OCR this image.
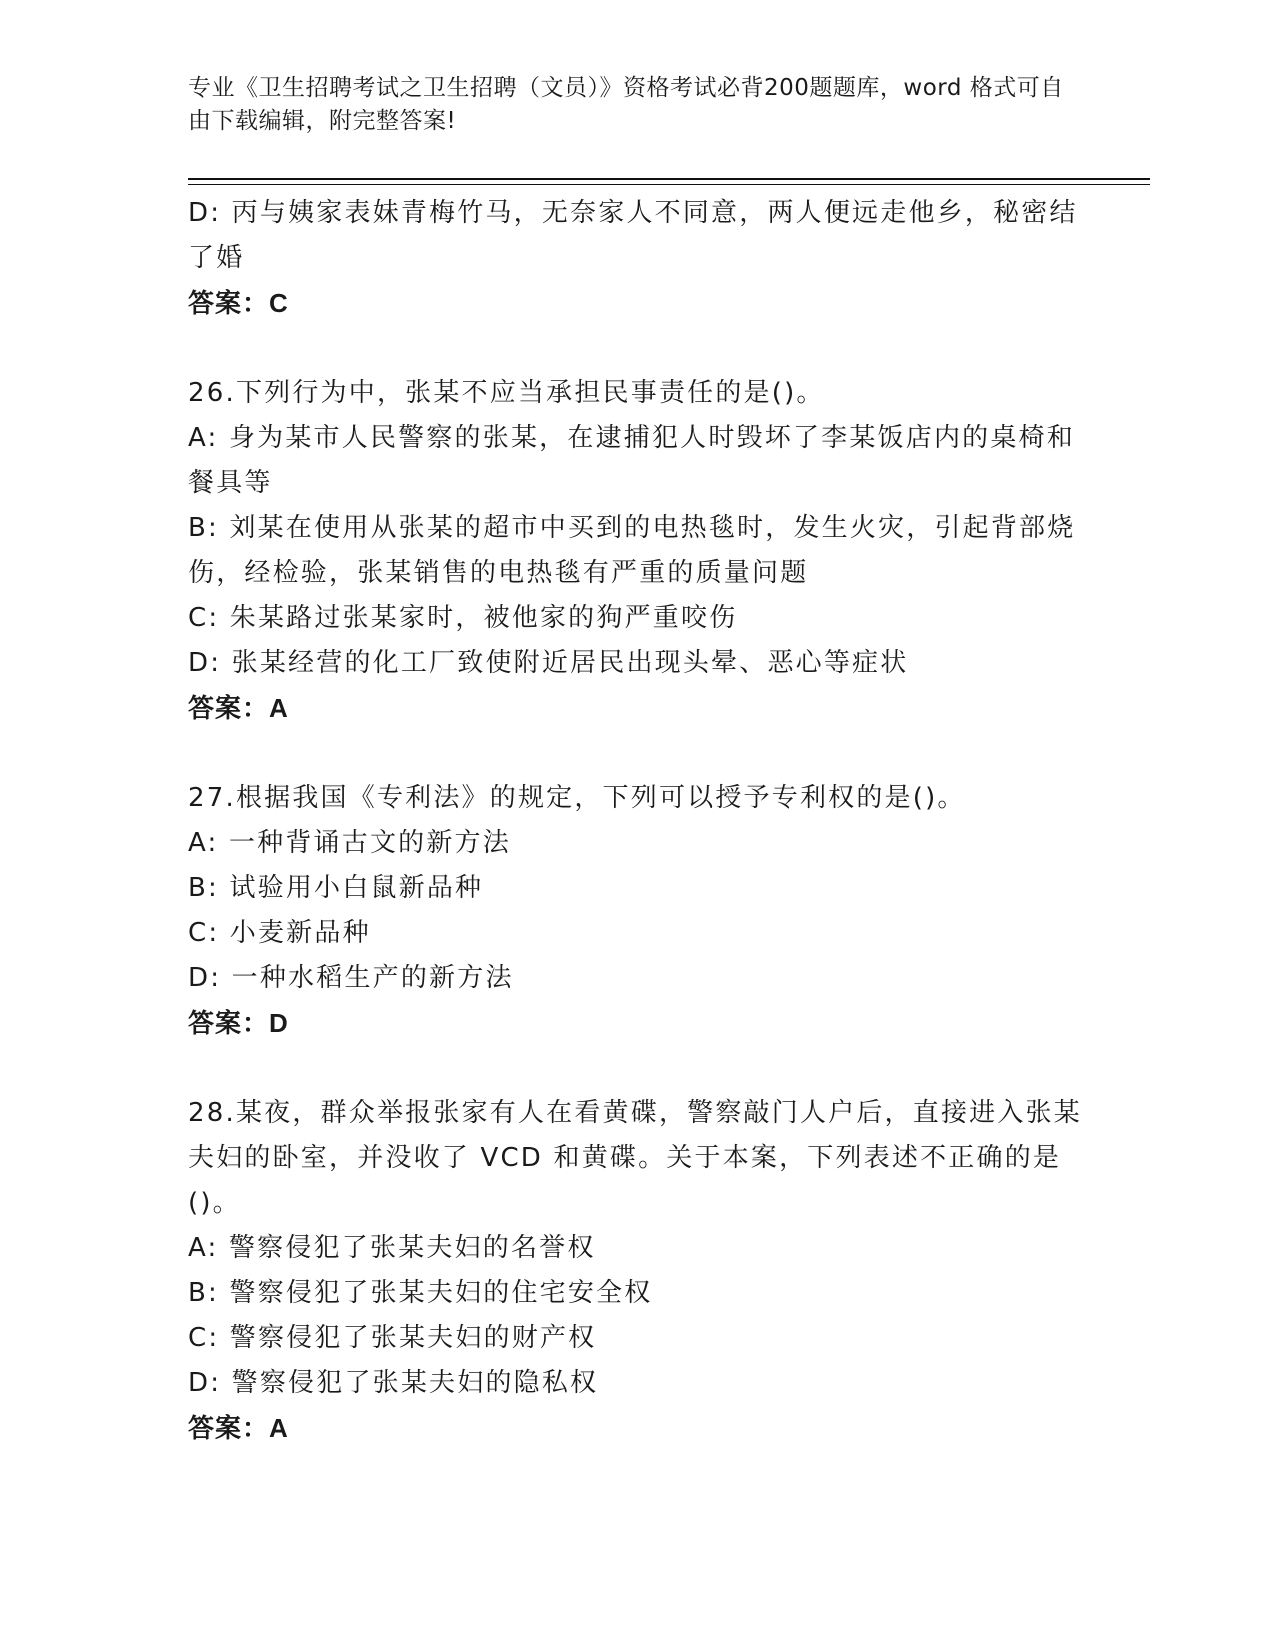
专业《卫生招聘考试之卫生招聘（文员）》资格考试必背200题题库，word 格式可自由下载编辑，附完整答案!
D: 丙与姨家表妹青梅竹马，无奈家人不同意，两人便远走他乡，秘密结了婚
答案：C
26.下列行为中，张某不应当承担民事责任的是()。
A: 身为某市人民警察的张某，在逮捕犯人时毁坏了李某饭店内的桌椅和餐具等
B: 刘某在使用从张某的超市中买到的电热毯时，发生火灾，引起背部烧伤，经检验，张某销售的电热毯有严重的质量问题
C: 朱某路过张某家时，被他家的狗严重咬伤
D: 张某经营的化工厂致使附近居民出现头晕、恶心等症状
答案：A
27.根据我国《专利法》的规定，下列可以授予专利权的是()。
A: 一种背诵古文的新方法
B: 试验用小白鼠新品种
C: 小麦新品种
D: 一种水稻生产的新方法
答案：D
28.某夜，群众举报张家有人在看黄碟，警察敲门人户后，直接进入张某夫妇的卧室，并没收了 VCD 和黄碟。关于本案，下列表述不正确的是()。
A: 警察侵犯了张某夫妇的名誉权
B: 警察侵犯了张某夫妇的住宅安全权
C: 警察侵犯了张某夫妇的财产权
D: 警察侵犯了张某夫妇的隐私权
答案：A
